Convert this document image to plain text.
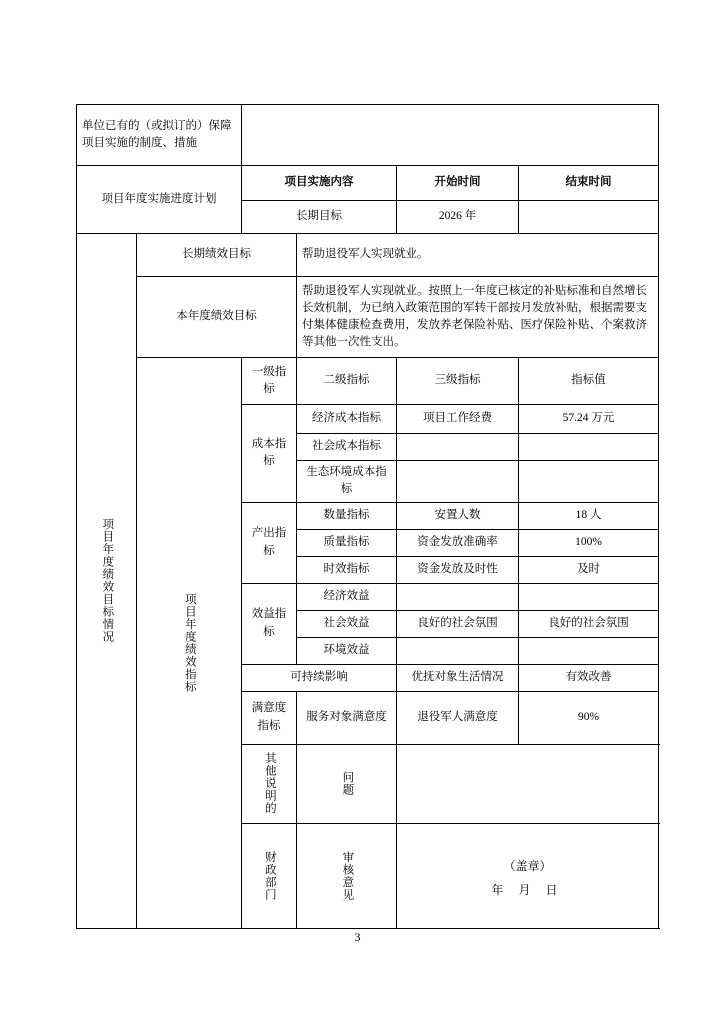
单位已有的（或拟订的）保障项目实施的制度、措施					
项目年度实施进度计划		项目实施内容		开始时间	结束时间
		长期目标		2026 年	

项目年度绩效目标情况	长期绩效目标		帮助退役军人实现就业。		
	本年度绩效目标		帮助退役军人实现就业。按照上一年度已核定的补贴标准和自然增长长效机制，为已纳入政策范围的军转干部按月发放补贴，根据需要支付集体健康检查费用，发放养老保险补贴、医疗保险补贴、个案救济等其他一次性支出。		

	项目年度绩效指标	一级指标	二级指标	三级指标	指标值
		成本指标	经济成本指标	项目工作经费	57.24 万元
			社会成本指标		
			生态环境成本指标		
		产出指标	数量指标	安置人数	18 人
			质量指标	资金发放准确率	100%
			时效指标	资金发放及时性	及时
		效益指标	经济效益		
			社会效益	良好的社会氛围	良好的社会氛围
			环境效益		
		可持续影响		优抚对象生活情况	有效改善
		满意度指标	服务对象满意度	退役军人满意度	90%

		其他说明的	问题		

		财政部门	审核意见	（盖章）
年 月 日	
3
